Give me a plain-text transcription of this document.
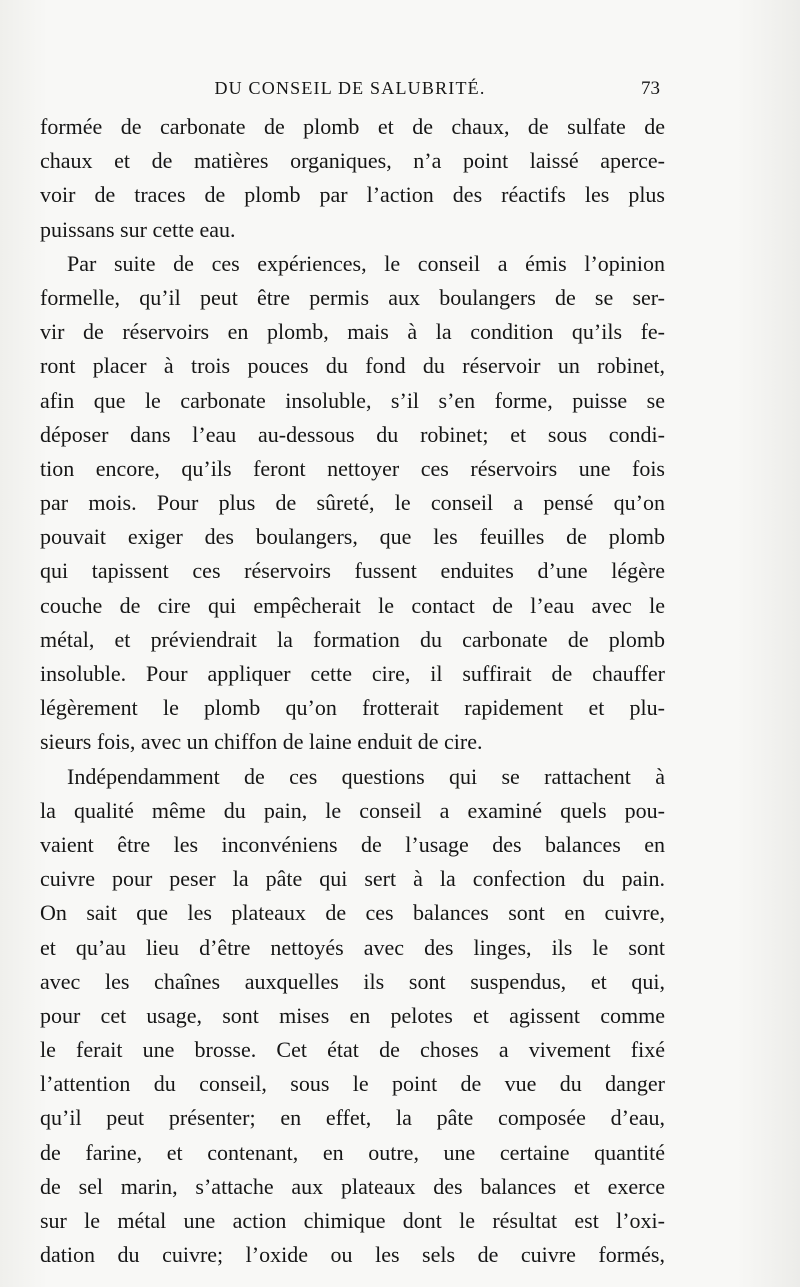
DU CONSEIL DE SALUBRITÉ.	73
formée de carbonate de plomb et de chaux, de sulfate de
chaux et de matières organiques, n’a point laissé aperce-
voir de traces de plomb par l’action des réactifs les plus
puissans sur cette eau.
Par suite de ces expériences, le conseil a émis l’opinion
formelle, qu’il peut être permis aux boulangers de se ser-
vir de réservoirs en plomb, mais à la condition qu’ils fe-
ront placer à trois pouces du fond du réservoir un robinet,
afin que le carbonate insoluble, s’il s’en forme, puisse se
déposer dans l’eau au-dessous du robinet; et sous condi-
tion encore, qu’ils feront nettoyer ces réservoirs une fois
par mois. Pour plus de sûreté, le conseil a pensé qu’on
pouvait exiger des boulangers, que les feuilles de plomb
qui tapissent ces réservoirs fussent enduites d’une légère
couche de cire qui empêcherait le contact de l’eau avec le
métal, et préviendrait la formation du carbonate de plomb
insoluble. Pour appliquer cette cire, il suffirait de chauffer
légèrement le plomb qu’on frotterait rapidement et plu-
sieurs fois, avec un chiffon de laine enduit de cire.
Indépendamment de ces questions qui se rattachent à
la qualité même du pain, le conseil a examiné quels pou-
vaient être les inconvéniens de l’usage des balances en
cuivre pour peser la pâte qui sert à la confection du pain.
On sait que les plateaux de ces balances sont en cuivre,
et qu’au lieu d’être nettoyés avec des linges, ils le sont
avec les chaînes auxquelles ils sont suspendus, et qui,
pour cet usage, sont mises en pelotes et agissent comme
le ferait une brosse. Cet état de choses a vivement fixé
l’attention du conseil, sous le point de vue du danger
qu’il peut présenter; en effet, la pâte composée d’eau,
de farine, et contenant, en outre, une certaine quantité
de sel marin, s’attache aux plateaux des balances et exerce
sur le métal une action chimique dont le résultat est l’oxi-
dation du cuivre; l’oxide ou les sels de cuivre formés,
